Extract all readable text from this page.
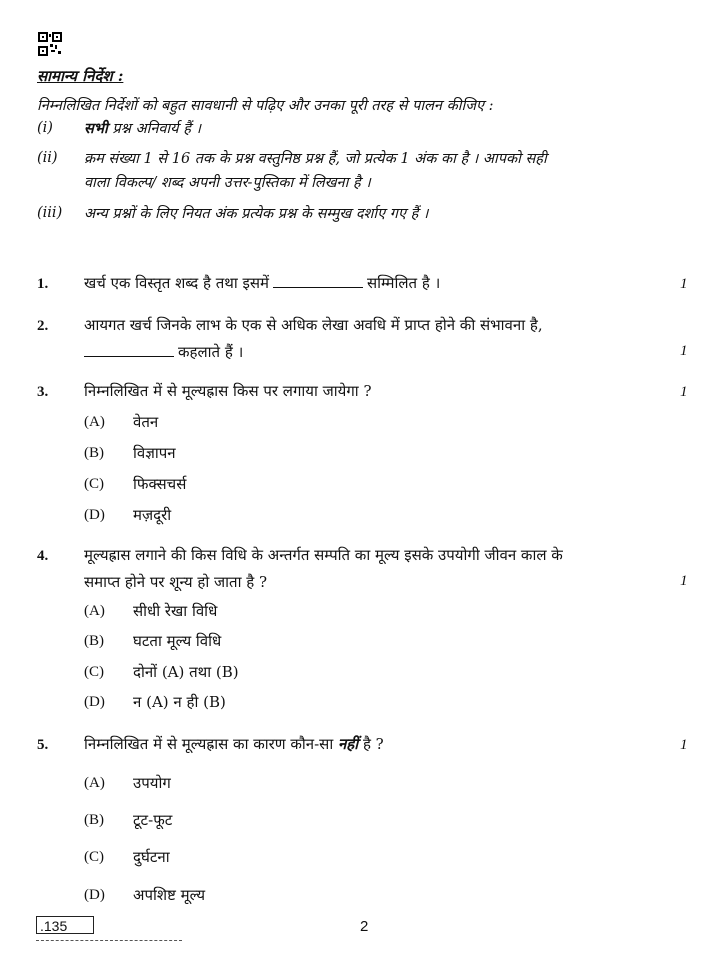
सामान्य निर्देश :
निम्नलिखित निर्देशों को बहुत सावधानी से पढ़िए और उनका पूरी तरह से पालन कीजिए :
(i) सभी प्रश्न अनिवार्य हैं ।
(ii) क्रम संख्या 1 से 16 तक के प्रश्न वस्तुनिष्ठ प्रश्न हैं, जो प्रत्येक 1 अंक का है । आपको सही
वाला विकल्प/ शब्द अपनी उत्तर-पुस्तिका में लिखना है ।
(iii) अन्य प्रश्नों के लिए नियत अंक प्रत्येक प्रश्न के सम्मुख दर्शाए गए हैं ।
1. खर्च एक विस्तृत शब्द है तथा इसमें	सम्मिलित है ।	1
2. आयगत खर्च जिनके लाभ के एक से अधिक लेखा अवधि में प्राप्त होने की संभावना है,
कहलाते हैं ।	1
3. निम्नलिखित में से मूल्यह्रास किस पर लगाया जायेगा ?	1
(A) वेतन
(B) विज्ञापन
(C) फिक्सचर्स
(D) मज़दूरी
4. मूल्यह्रास लगाने की किस विधि के अन्तर्गत सम्पति का मूल्य इसके उपयोगी जीवन काल के
समाप्त होने पर शून्य हो जाता है ?	1
(A) सीधी रेखा विधि
(B) घटता मूल्य विधि
(C) दोनों (A) तथा (B)
(D) न (A) न ही (B)
5. निम्नलिखित में से मूल्यह्रास का कारण कौन-सा नहीं है ?	1
(A) उपयोग
(B) टूट-फूट
(C) दुर्घटना
(D) अपशिष्ट मूल्य
.135	2
